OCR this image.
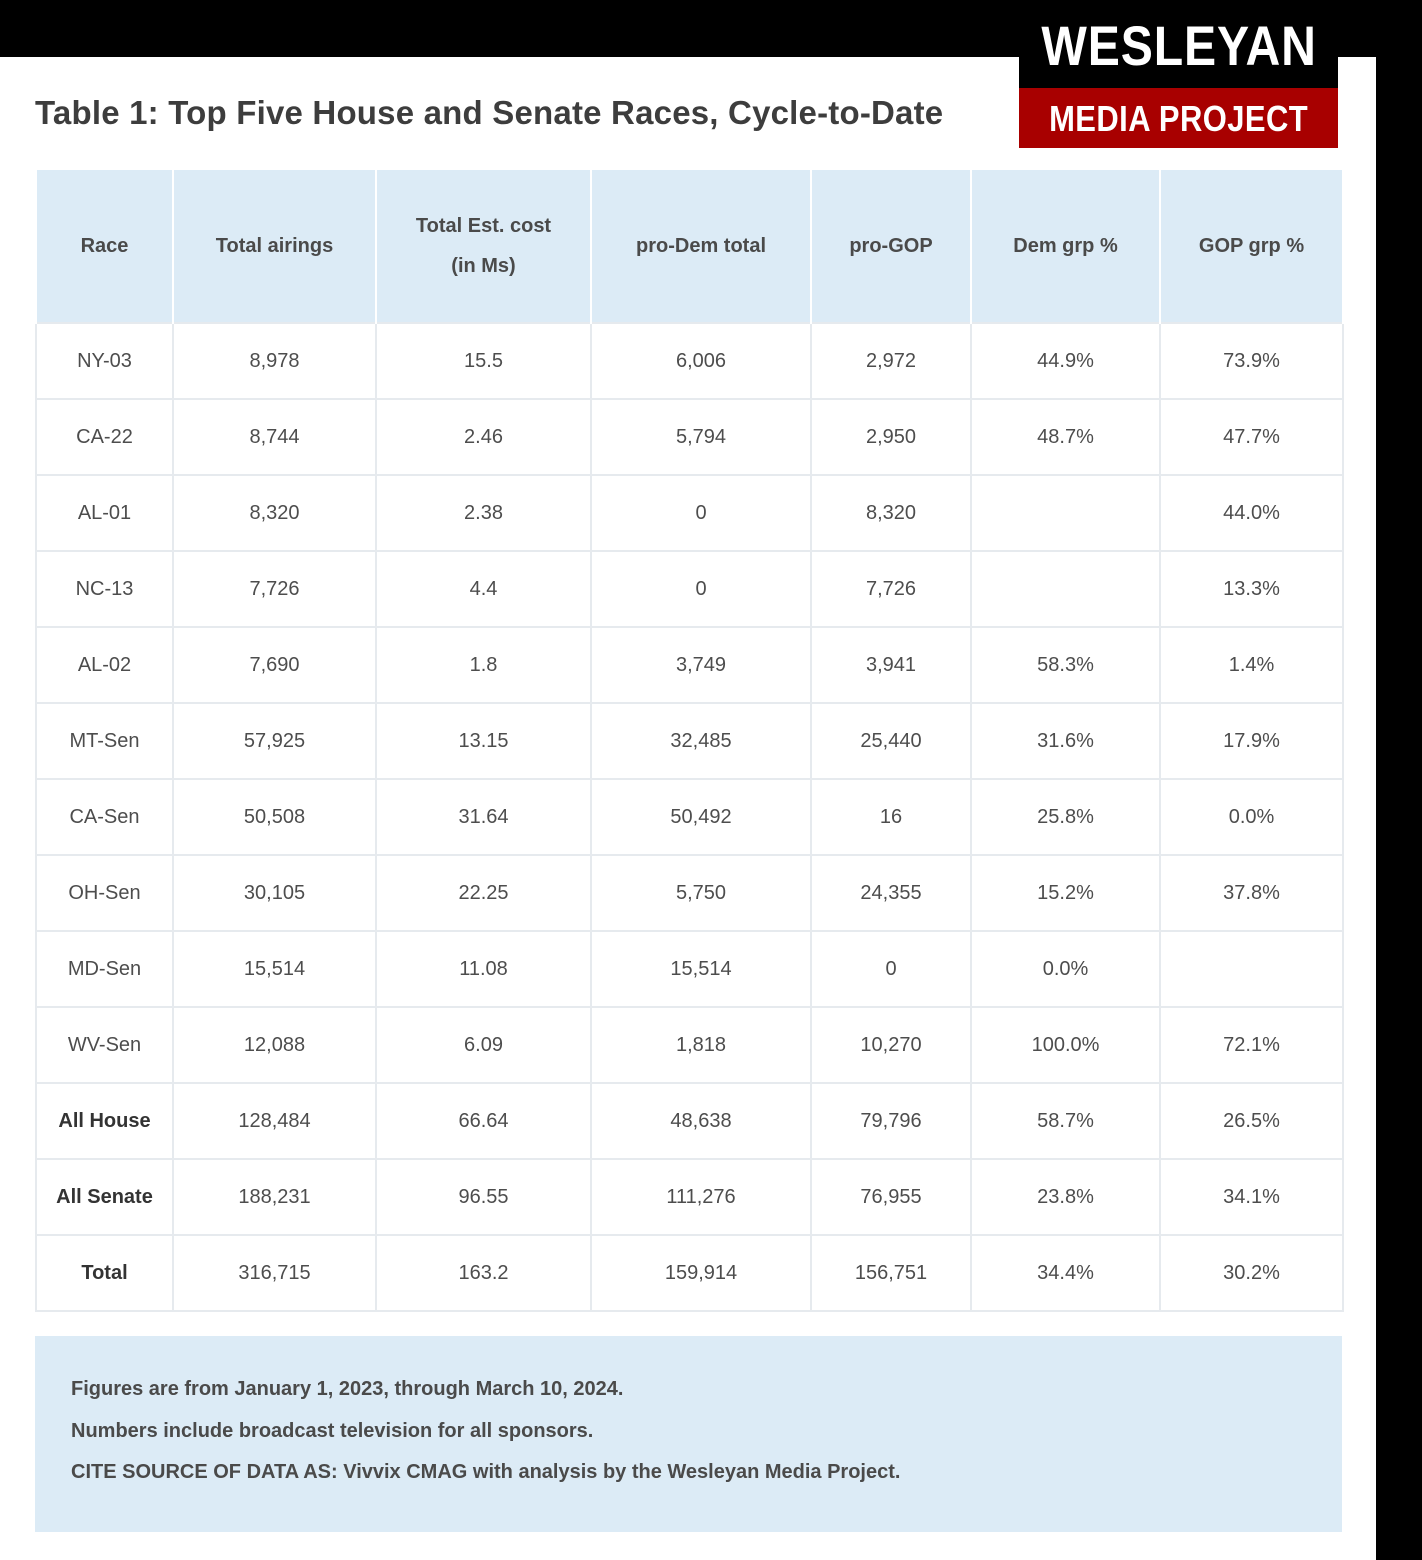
Table 1: Top Five House and Senate Races, Cycle-to-Date
WESLEYAN
MEDIA PROJECT
Race	Total airings	Total Est. cost (in Ms)	pro-Dem total	pro-GOP	Dem grp %	GOP grp %
NY-03	8,978	15.5	6,006	2,972	44.9%	73.9%
CA-22	8,744	2.46	5,794	2,950	48.7%	47.7%
AL-01	8,320	2.38	0	8,320		44.0%
NC-13	7,726	4.4	0	7,726		13.3%
AL-02	7,690	1.8	3,749	3,941	58.3%	1.4%
MT-Sen	57,925	13.15	32,485	25,440	31.6%	17.9%
CA-Sen	50,508	31.64	50,492	16	25.8%	0.0%
OH-Sen	30,105	22.25	5,750	24,355	15.2%	37.8%
MD-Sen	15,514	11.08	15,514	0	0.0%	
WV-Sen	12,088	6.09	1,818	10,270	100.0%	72.1%
All House	128,484	66.64	48,638	79,796	58.7%	26.5%
All Senate	188,231	96.55	111,276	76,955	23.8%	34.1%
Total	316,715	163.2	159,914	156,751	34.4%	30.2%

Figures are from January 1, 2023, through March 10, 2024.

Numbers include broadcast television for all sponsors.

CITE SOURCE OF DATA AS: Vivvix CMAG with analysis by the Wesleyan Media Project.
